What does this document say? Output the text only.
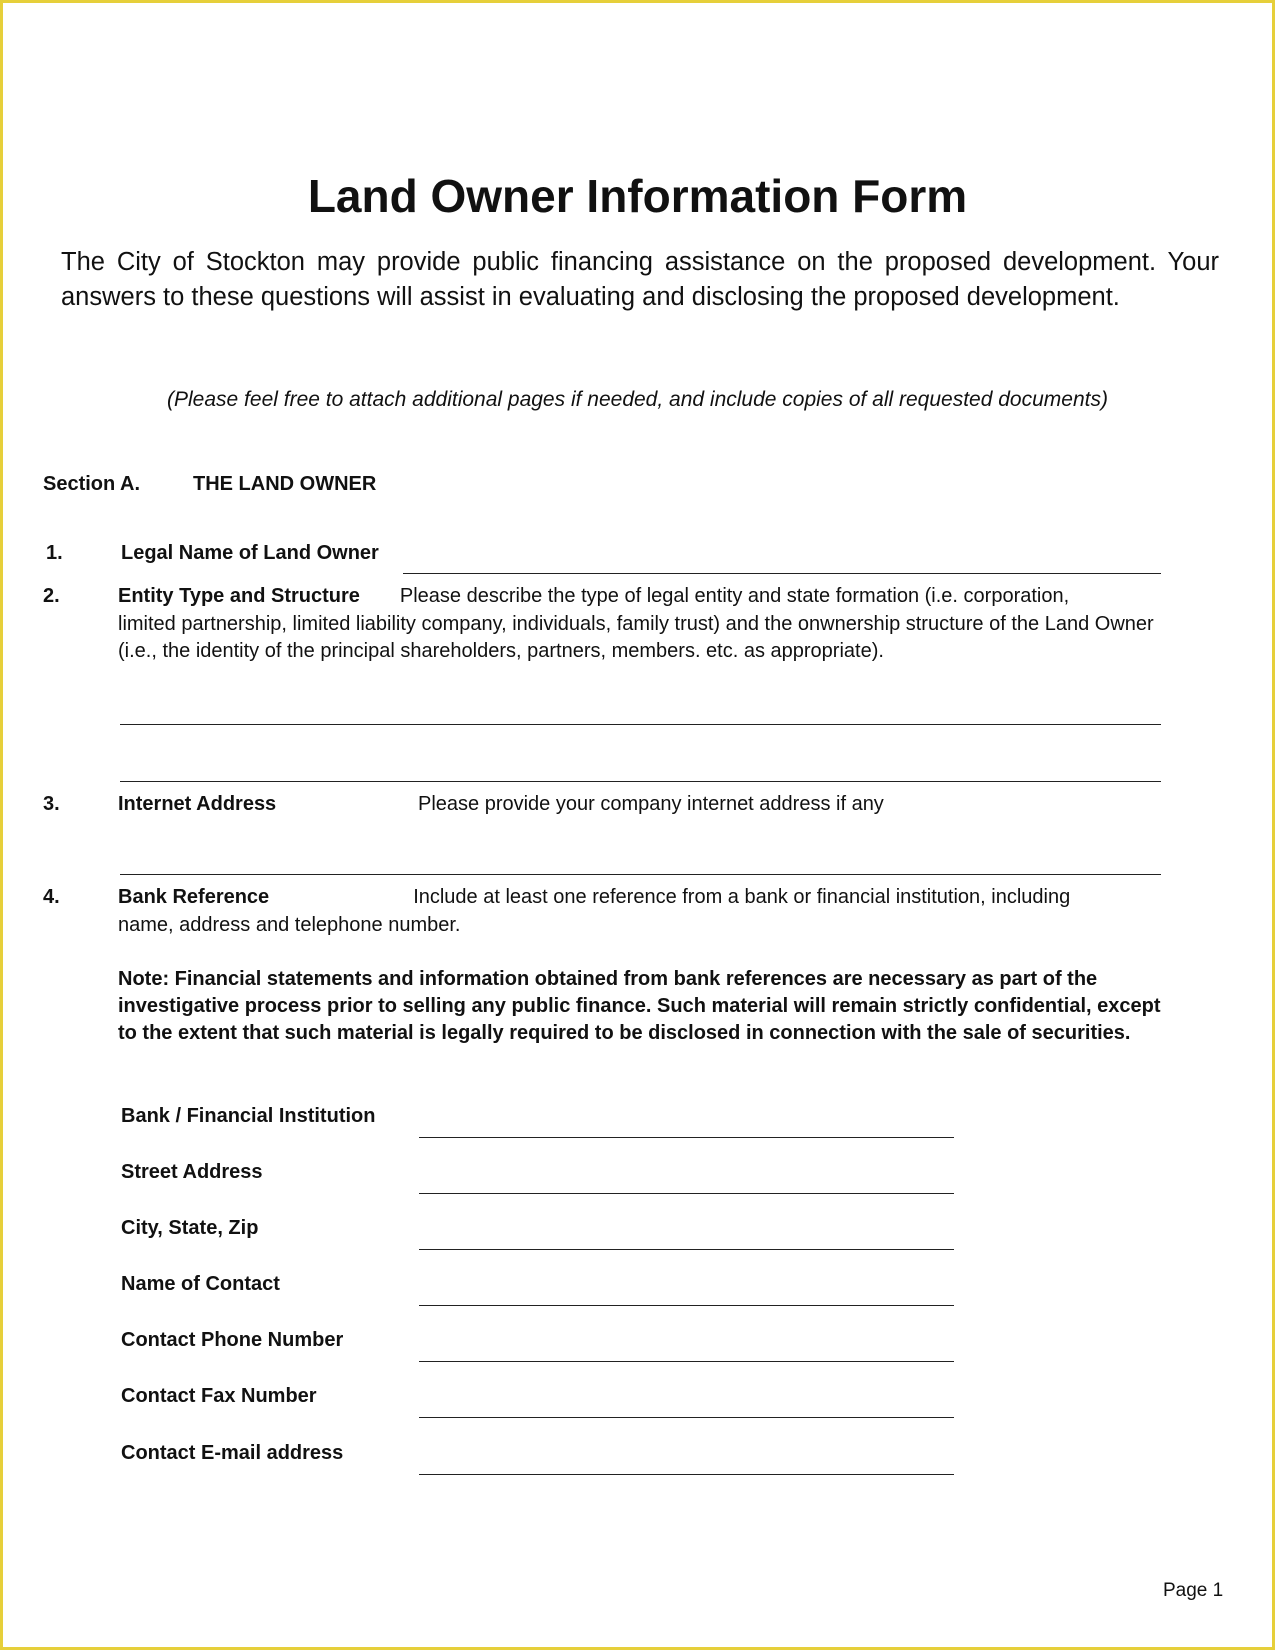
Land Owner Information Form
The City of Stockton may provide public financing assistance on the proposed development. Your answers to these questions will assist in evaluating and disclosing the proposed development.
(Please feel free to attach additional pages if needed, and include copies of all requested documents)
Section A.	THE LAND OWNER
1.	Legal Name of Land Owner
2.	Entity Type and Structure Please describe the type of legal entity and state formation (i.e. corporation,
limited partnership, limited liability company, individuals, family trust) and the onwnership structure of the Land Owner (i.e., the identity of the principal shareholders, partners, members. etc. as appropriate).
3.	Internet Address	Please provide your company internet address if any
4.	Bank Reference	Include at least one reference from a bank or financial institution, including
name, address and telephone number.
Note: Financial statements and information obtained from bank references are necessary as part of the investigative process prior to selling any public finance. Such material will remain strictly confidential, except to the extent that such material is legally required to be disclosed in connection with the sale of securities.
Bank / Financial Institution
Street Address
City, State, Zip
Name of Contact
Contact Phone Number
Contact Fax Number
Contact E-mail address
Page 1
